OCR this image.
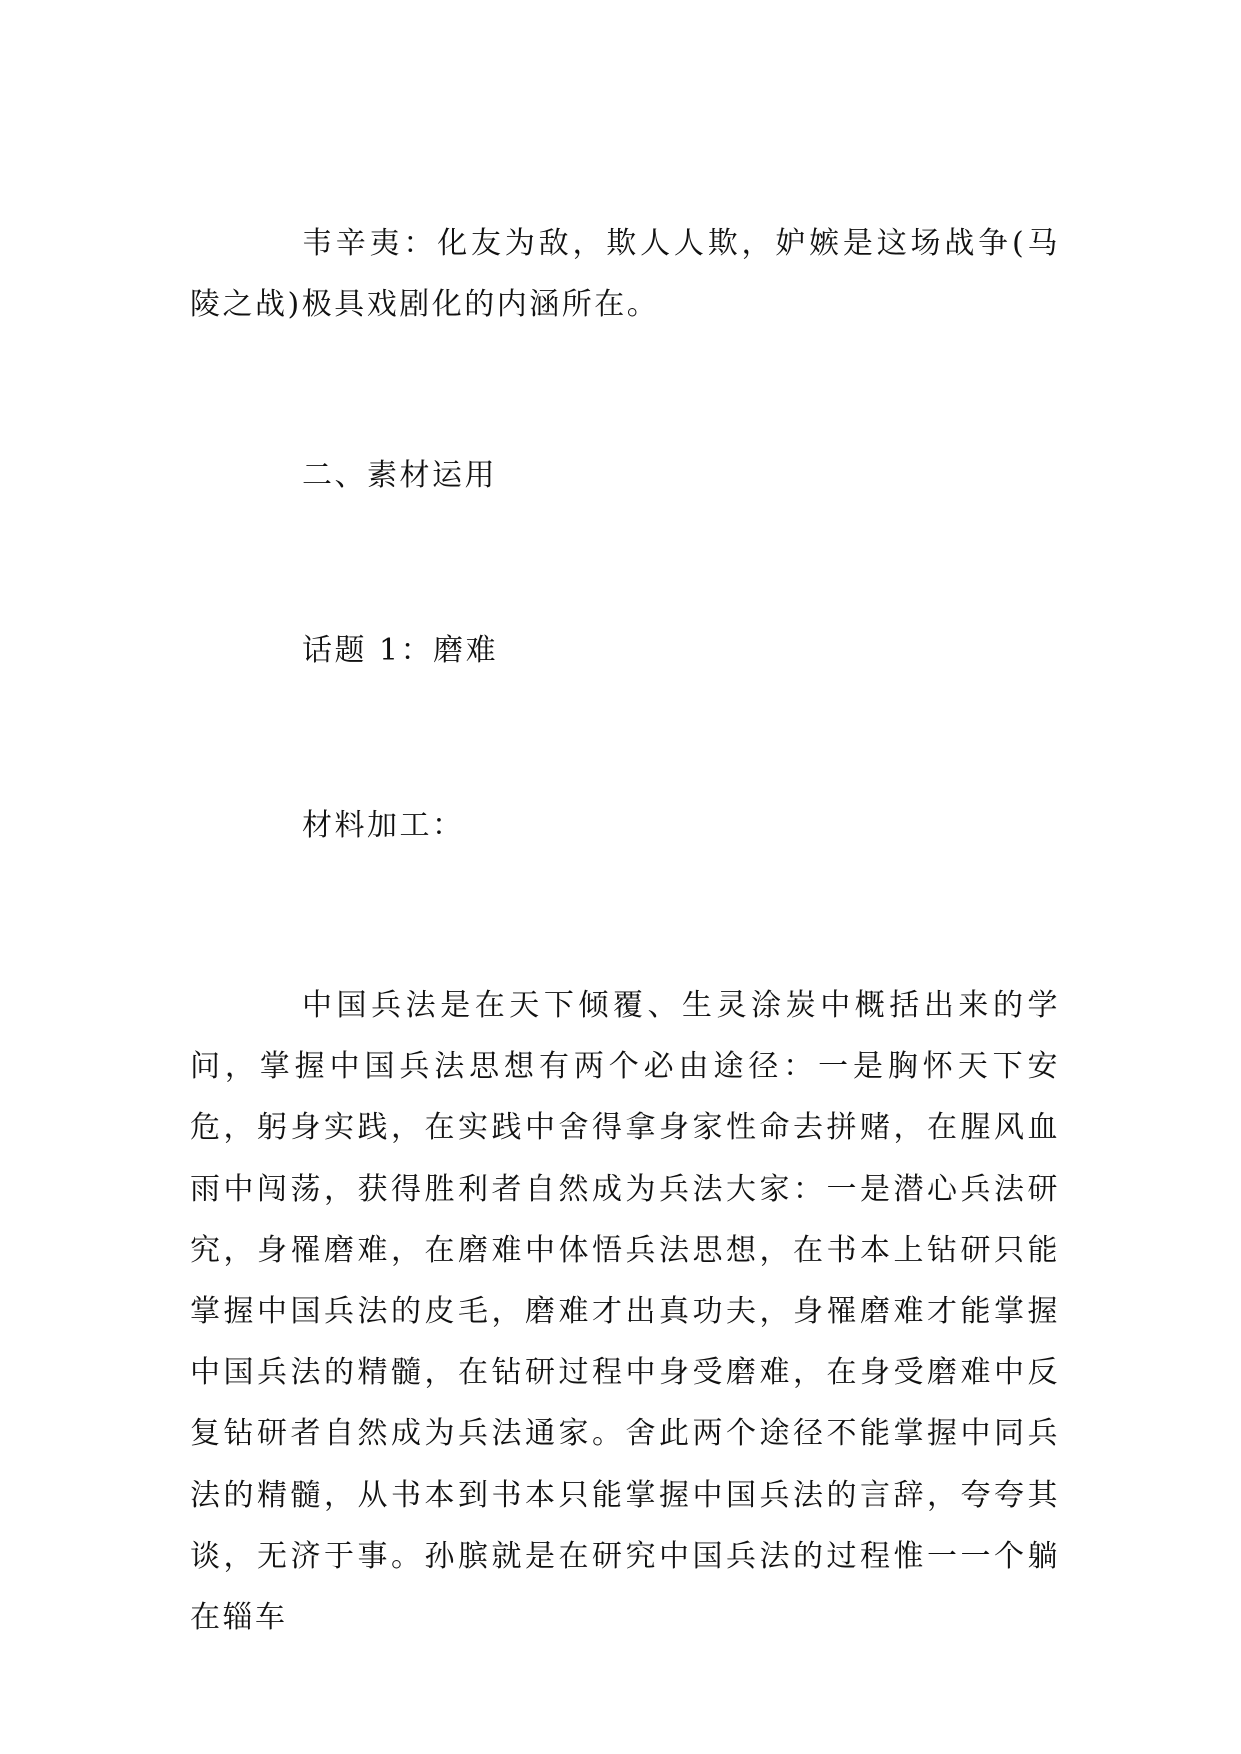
韦辛夷：化友为敌，欺人人欺，妒嫉是这场战争(马陵之战)极具戏剧化的内涵所在。

二、素材运用

话题 1：磨难

材料加工：

中国兵法是在天下倾覆、生灵涂炭中概括出来的学问，掌握中国兵法思想有两个必由途径：一是胸怀天下安危，躬身实践，在实践中舍得拿身家性命去拼赌，在腥风血雨中闯荡，获得胜利者自然成为兵法大家：一是潜心兵法研究，身罹磨难，在磨难中体悟兵法思想，在书本上钻研只能掌握中国兵法的皮毛，磨难才出真功夫，身罹磨难才能掌握中国兵法的精髓，在钻研过程中身受磨难，在身受磨难中反复钻研者自然成为兵法通家。舍此两个途径不能掌握中同兵法的精髓，从书本到书本只能掌握中国兵法的言辞，夸夸其谈，无济于事。孙膑就是在研究中国兵法的过程惟一一个躺在辎车
